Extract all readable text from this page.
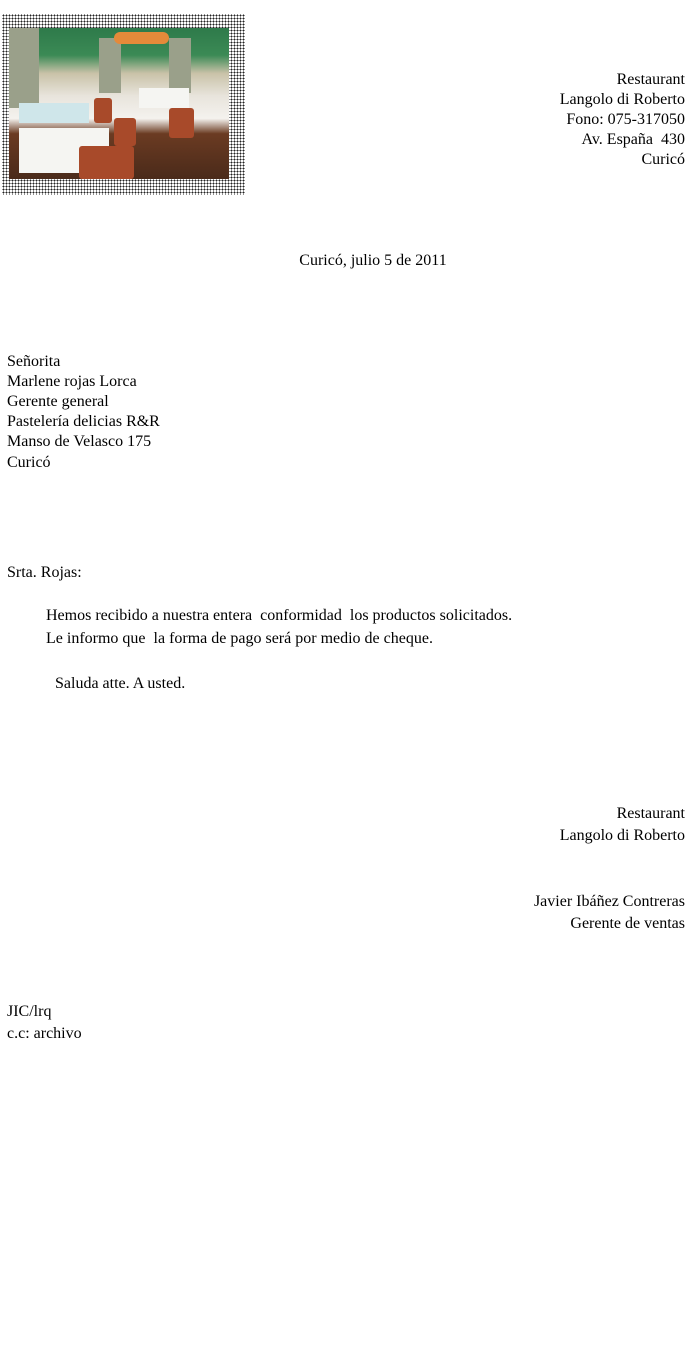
Restaurant
Langolo di Roberto
Fono: 075-317050
Av. España  430
Curicó
Curicó, julio 5 de 2011
Señorita
Marlene rojas Lorca
Gerente general
Pastelería delicias R&R
Manso de Velasco 175
Curicó
Srta. Rojas:
Hemos recibido a nuestra entera  conformidad  los productos solicitados.
Le informo que  la forma de pago será por medio de cheque.
Saluda atte. A usted.
Restaurant
Langolo di Roberto
Javier Ibáñez Contreras
Gerente de ventas
JIC/lrq
c.c: archivo
